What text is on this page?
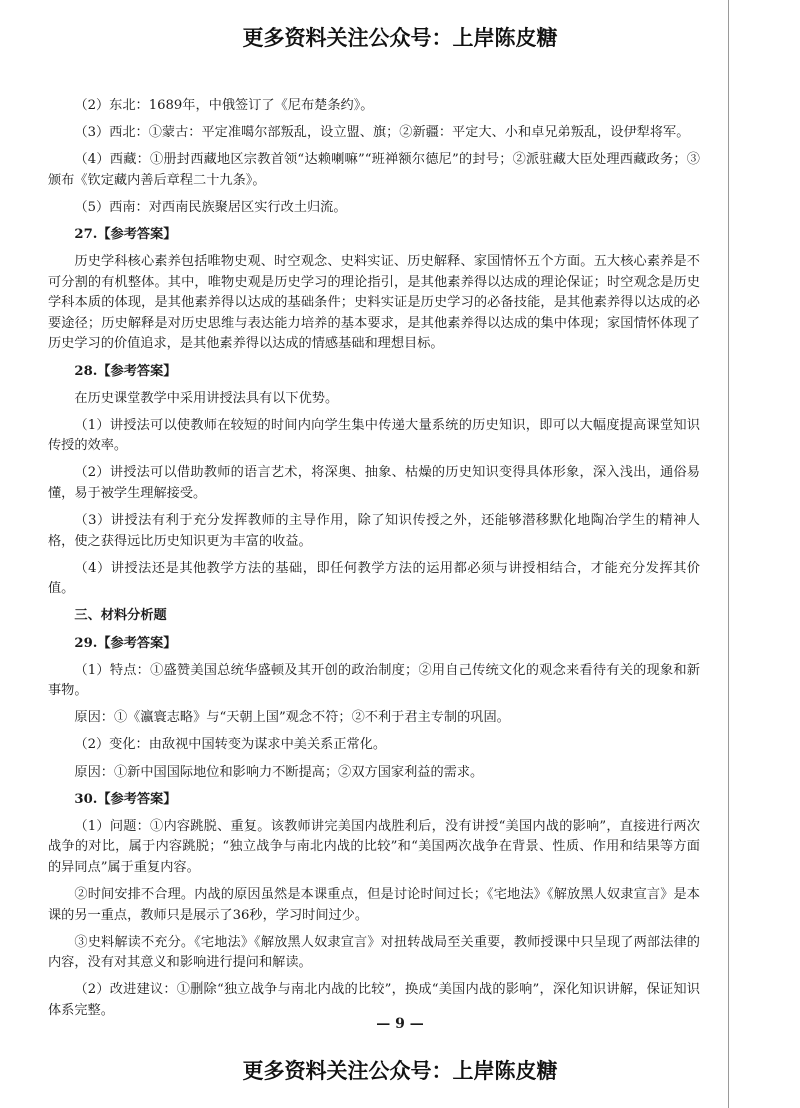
更多资料关注公众号：上岸陈皮糖

（2）东北：1689年，中俄签订了《尼布楚条约》。

（3）西北：①蒙古：平定准噶尔部叛乱，设立盟、旗；②新疆：平定大、小和卓兄弟叛乱，设伊犁将军。

（4）西藏：①册封西藏地区宗教首领“达赖喇嘛”“班禅额尔德尼”的封号；②派驻藏大臣处理西藏政务；③颁布《钦定藏内善后章程二十九条》。

（5）西南：对西南民族聚居区实行改土归流。

27.【参考答案】

历史学科核心素养包括唯物史观、时空观念、史料实证、历史解释、家国情怀五个方面。五大核心素养是不可分割的有机整体。其中，唯物史观是历史学习的理论指引，是其他素养得以达成的理论保证；时空观念是历史学科本质的体现，是其他素养得以达成的基础条件；史料实证是历史学习的必备技能，是其他素养得以达成的必要途径；历史解释是对历史思维与表达能力培养的基本要求，是其他素养得以达成的集中体现；家国情怀体现了历史学习的价值追求，是其他素养得以达成的情感基础和理想目标。

28.【参考答案】

在历史课堂教学中采用讲授法具有以下优势。

（1）讲授法可以使教师在较短的时间内向学生集中传递大量系统的历史知识，即可以大幅度提高课堂知识传授的效率。

（2）讲授法可以借助教师的语言艺术，将深奥、抽象、枯燥的历史知识变得具体形象，深入浅出，通俗易懂，易于被学生理解接受。

（3）讲授法有利于充分发挥教师的主导作用，除了知识传授之外，还能够潜移默化地陶冶学生的精神人格，使之获得远比历史知识更为丰富的收益。

（4）讲授法还是其他教学方法的基础，即任何教学方法的运用都必须与讲授相结合，才能充分发挥其价值。

三、材料分析题

29.【参考答案】

（1）特点：①盛赞美国总统华盛顿及其开创的政治制度；②用自己传统文化的观念来看待有关的现象和新事物。

原因：①《瀛寰志略》与“天朝上国”观念不符；②不利于君主专制的巩固。

（2）变化：由敌视中国转变为谋求中美关系正常化。

原因：①新中国国际地位和影响力不断提高；②双方国家利益的需求。

30.【参考答案】

（1）问题：①内容跳脱、重复。该教师讲完美国内战胜利后，没有讲授“美国内战的影响”，直接进行两次战争的对比，属于内容跳脱；“独立战争与南北内战的比较”和“美国两次战争在背景、性质、作用和结果等方面的异同点”属于重复内容。

②时间安排不合理。内战的原因虽然是本课重点，但是讨论时间过长；《宅地法》《解放黑人奴隶宣言》是本课的另一重点，教师只是展示了36秒，学习时间过少。

③史料解读不充分。《宅地法》《解放黑人奴隶宣言》对扭转战局至关重要，教师授课中只呈现了两部法律的内容，没有对其意义和影响进行提问和解读。

（2）改进建议：①删除“独立战争与南北内战的比较”，换成“美国内战的影响”，深化知识讲解，保证知识体系完整。

— 9 —
更多资料关注公众号：上岸陈皮糖
